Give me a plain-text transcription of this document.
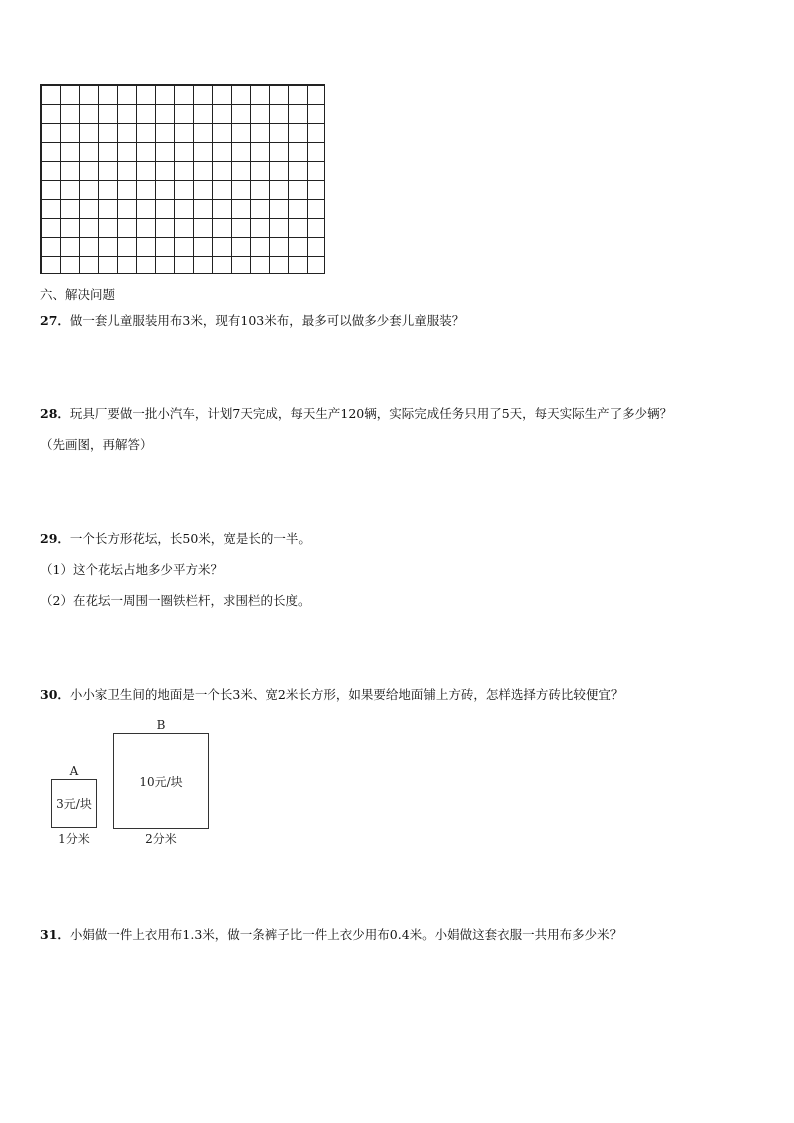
六、解决问题
27．做一套儿童服装用布3米，现有103米布，最多可以做多少套儿童服装？
28．玩具厂要做一批小汽车，计划7天完成，每天生产120辆，实际完成任务只用了5天，每天实际生产了多少辆？
（先画图，再解答）
29．一个长方形花坛，长50米，宽是长的一半。
（1）这个花坛占地多少平方米？
（2）在花坛一周围一圈铁栏杆，求围栏的长度。
30．小小家卫生间的地面是一个长3米、宽2米长方形，如果要给地面铺上方砖，怎样选择方砖比较便宜？
A
3元/块
1分米
B
10元/块
2分米
31．小娟做一件上衣用布1.3米，做一条裤子比一件上衣少用布0.4米。小娟做这套衣服一共用布多少米？
